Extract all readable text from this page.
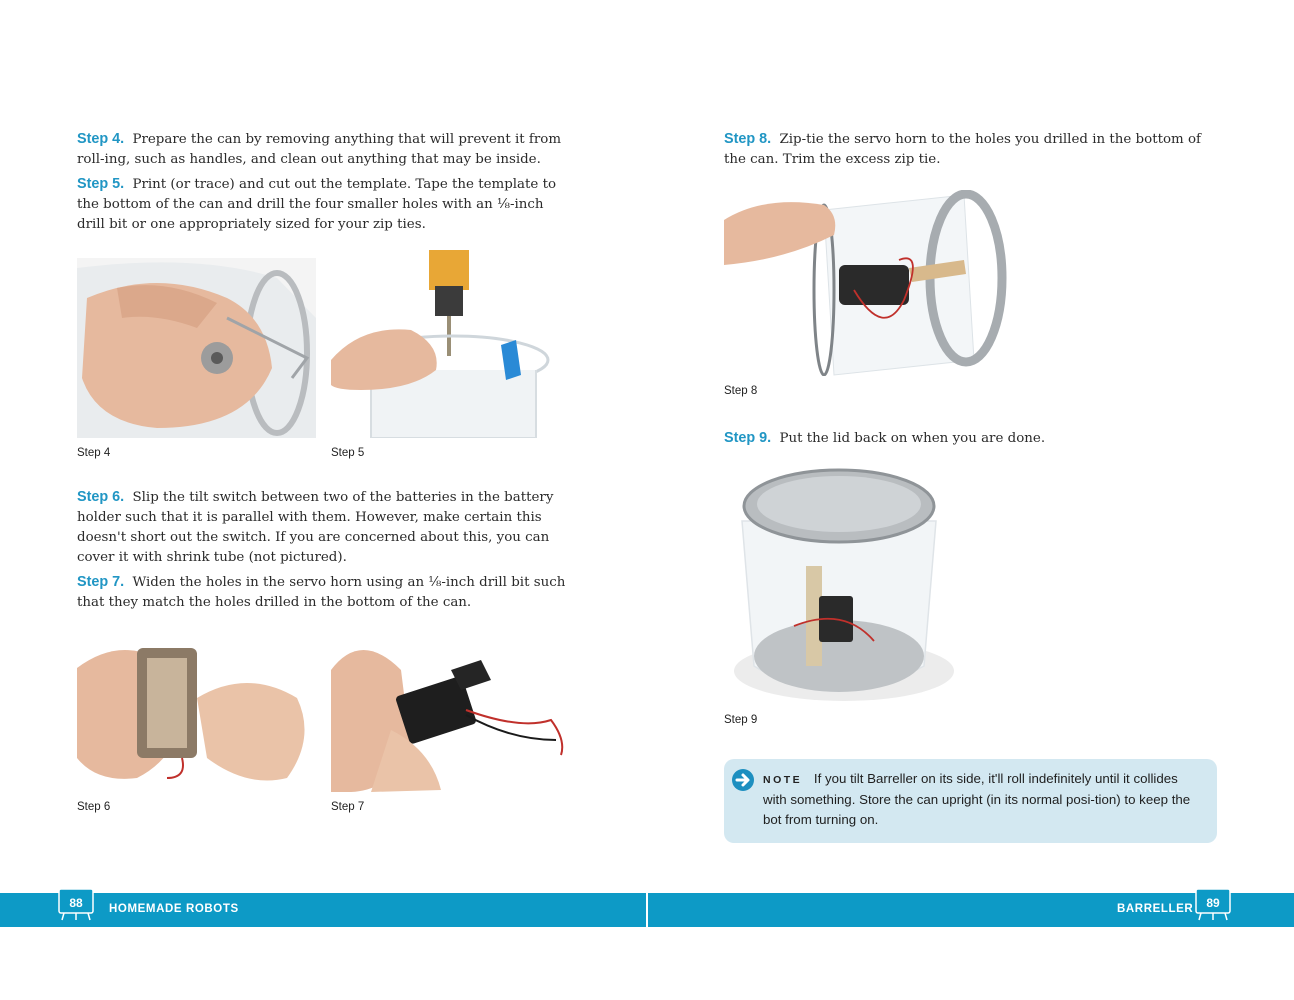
Step 4. Prepare the can by removing anything that will prevent it from roll-ing, such as handles, and clean out anything that may be inside.

Step 5. Print (or trace) and cut out the template. Tape the template to the bottom of the can and drill the four smaller holes with an ⅛-inch drill bit or one appropriately sized for your zip ties.

Step 4	Step 5

Step 6. Slip the tilt switch between two of the batteries in the battery holder such that it is parallel with them. However, make certain this doesn't short out the switch. If you are concerned about this, you can cover it with shrink tube (not pictured).

Step 7. Widen the holes in the servo horn using an ⅛-inch drill bit such that they match the holes drilled in the bottom of the can.

Step 6	Step 7

88	HOMEMADE ROBOTS

Step 8. Zip-tie the servo horn to the holes you drilled in the bottom of the can. Trim the excess zip tie.

Step 8

Step 9. Put the lid back on when you are done.

Step 9

NOTE If you tilt Barreller on its side, it'll roll indefinitely until it collides with something. Store the can upright (in its normal posi-tion) to keep the bot from turning on.

BARRELLER	89
